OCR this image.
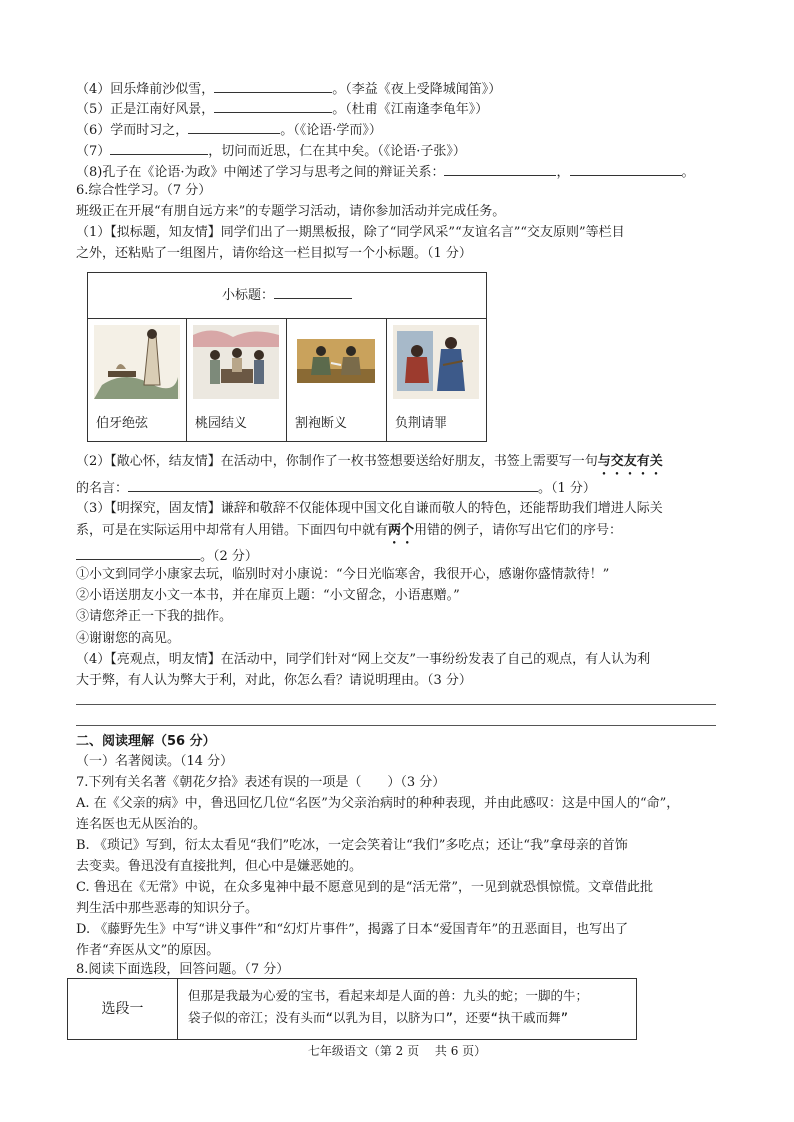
（4）回乐烽前沙似雪，	。（李益《夜上受降城闻笛》）
（5）正是江南好风景，	。（杜甫《江南逢李龟年》）
（6）学而时习之，	。（《论语·学而》）
（7）	，切问而近思，仁在其中矣。（《论语·子张》）
（8)孔子在《论语·为政》中阐述了学习与思考之间的辩证关系：	，	。
6.综合性学习。（7 分）
班级正在开展“有朋自远方来”的专题学习活动，请你参加活动并完成任务。
（1）【拟标题，知友情】同学们出了一期黑板报，除了“同学风采”“友谊名言”“交友原则”等栏目
之外，还粘贴了一组图片，请你给这一栏目拟写一个小标题。（1 分）
小标题：
伯牙绝弦	桃园结义	割袍断义	负荆请罪
（2）【敞心怀，结友情】在活动中，你制作了一枚书签想要送给好朋友，书签上需要写一句与交友有关
的名言：	。（1 分）
（3）【明探究，固友情】谦辞和敬辞不仅能体现中国文化自谦而敬人的特色，还能帮助我们增进人际关
系，可是在实际运用中却常有人用错。下面四句中就有两个用错的例子，请你写出它们的序号：
。（2 分）
①小文到同学小康家去玩，临别时对小康说：“今日光临寒舍，我很开心，感谢你盛情款待！”
②小语送朋友小文一本书，并在扉页上题：“小文留念，小语惠赠。”
③请您斧正一下我的拙作。
④谢谢您的高见。
（4）【亮观点，明友情】在活动中，同学们针对“网上交友”一事纷纷发表了自己的观点，有人认为利
大于弊，有人认为弊大于利，对此，你怎么看？请说明理由。（3 分）
二、阅读理解（56 分）
（一）名著阅读。（14 分）
7.下列有关名著《朝花夕拾》表述有误的一项是（　　）（3 分）
A. 在《父亲的病》中，鲁迅回忆几位“名医”为父亲治病时的种种表现，并由此感叹：这是中国人的“命”，
连名医也无从医治的。
B. 《琐记》写到，衍太太看见“我们”吃冰，一定会笑着让“我们”多吃点；还让“我”拿母亲的首饰
去变卖。鲁迅没有直接批判，但心中是嫌恶她的。
C. 鲁迅在《无常》中说，在众多鬼神中最不愿意见到的是“活无常”，一见到就恐惧惊慌。文章借此批
判生活中那些恶毒的知识分子。
D. 《藤野先生》中写“讲义事件”和“幻灯片事件”，揭露了日本“爱国青年”的丑恶面目，也写出了
作者“弃医从文”的原因。
8.阅读下面选段，回答问题。（7 分）
选段一
但那是我最为心爱的宝书，看起来却是人面的兽：九头的蛇；一脚的牛；
袋子似的帝江；没有头而“以乳为目，以脐为口”，还要“执干戚而舞”
七年级语文（第 2 页　 共 6 页）
